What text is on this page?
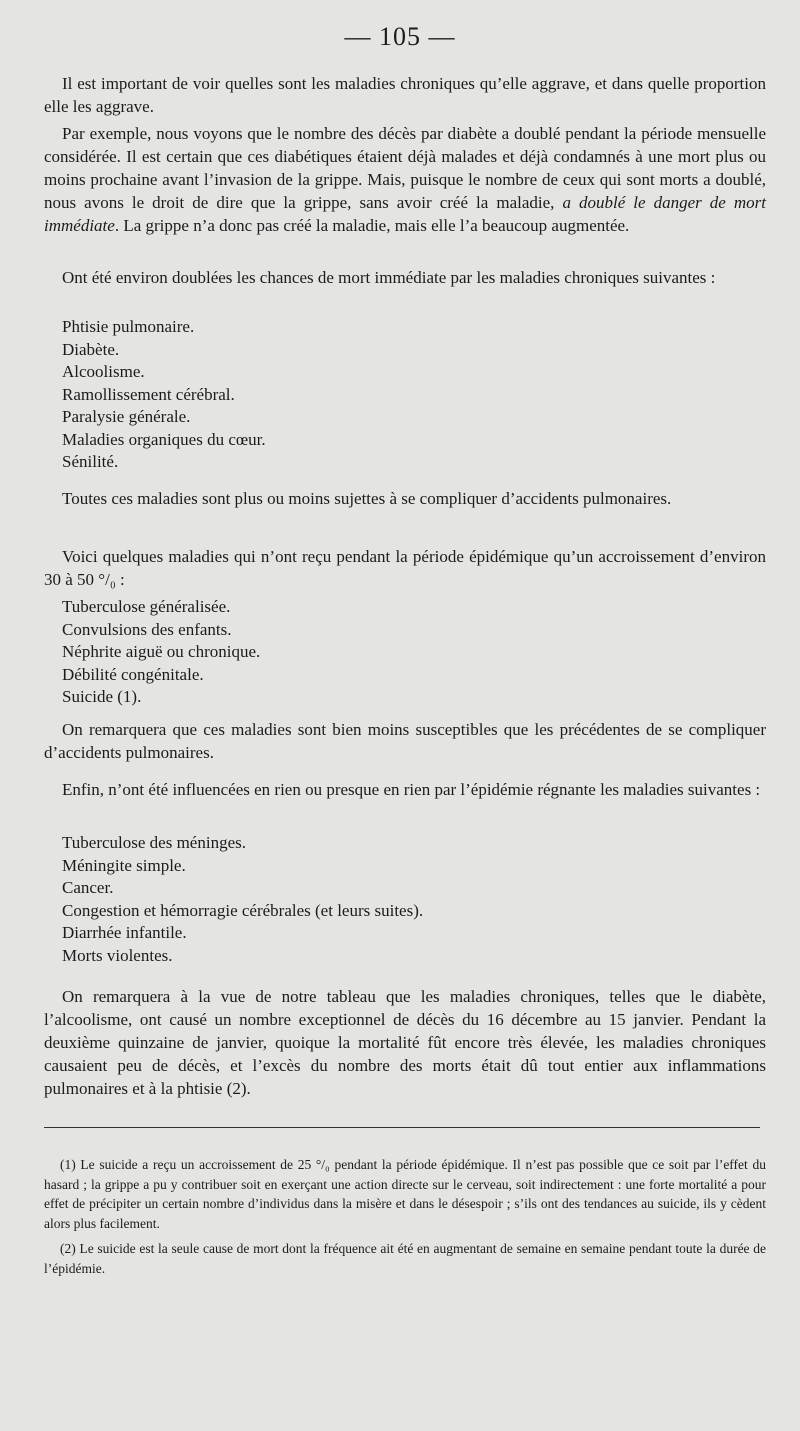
— 105 —

Il est important de voir quelles sont les maladies chroniques qu’elle aggrave, et dans quelle proportion elle les aggrave.

Par exemple, nous voyons que le nombre des décès par diabète a doublé pendant la période mensuelle considérée. Il est certain que ces diabétiques étaient déjà malades et déjà condamnés à une mort plus ou moins prochaine avant l’invasion de la grippe. Mais, puisque le nombre de ceux qui sont morts a doublé, nous avons le droit de dire que la grippe, sans avoir créé la maladie, a doublé le danger de mort immédiate. La grippe n’a donc pas créé la maladie, mais elle l’a beaucoup augmentée.

Ont été environ doublées les chances de mort immédiate par les maladies chroniques suivantes :

Phtisie pulmonaire.
Diabète.
Alcoolisme.
Ramollissement cérébral.
Paralysie générale.
Maladies organiques du cœur.
Sénilité.

Toutes ces maladies sont plus ou moins sujettes à se compliquer d’accidents pulmonaires.

Voici quelques maladies qui n’ont reçu pendant la période épidémique qu’un accroissement d’environ 30 à 50 °/₀ :

Tuberculose généralisée.
Convulsions des enfants.
Néphrite aiguë ou chronique.
Débilité congénitale.
Suicide (1).

On remarquera que ces maladies sont bien moins susceptibles que les précédentes de se compliquer d’accidents pulmonaires.

Enfin, n’ont été influencées en rien ou presque en rien par l’épidémie régnante les maladies suivantes :

Tuberculose des méninges.
Méningite simple.
Cancer.
Congestion et hémorragie cérébrales (et leurs suites).
Diarrhée infantile.
Morts violentes.

On remarquera à la vue de notre tableau que les maladies chroniques, telles que le diabète, l’alcoolisme, ont causé un nombre exceptionnel de décès du 16 décembre au 15 janvier. Pendant la deuxième quinzaine de janvier, quoique la mortalité fût encore très élevée, les maladies chroniques causaient peu de décès, et l’excès du nombre des morts était dû tout entier aux inflammations pulmonaires et à la phtisie (2).

(1) Le suicide a reçu un accroissement de 25 °/₀ pendant la période épidémique. Il n’est pas possible que ce soit par l’effet du hasard ; la grippe a pu y contribuer soit en exerçant une action directe sur le cerveau, soit indirectement : une forte mortalité a pour effet de précipiter un certain nombre d’individus dans la misère et dans le désespoir ; s’ils ont des tendances au suicide, ils y cèdent alors plus facilement.

(2) Le suicide est la seule cause de mort dont la fréquence ait été en augmentant de semaine en semaine pendant toute la durée de l’épidémie.
